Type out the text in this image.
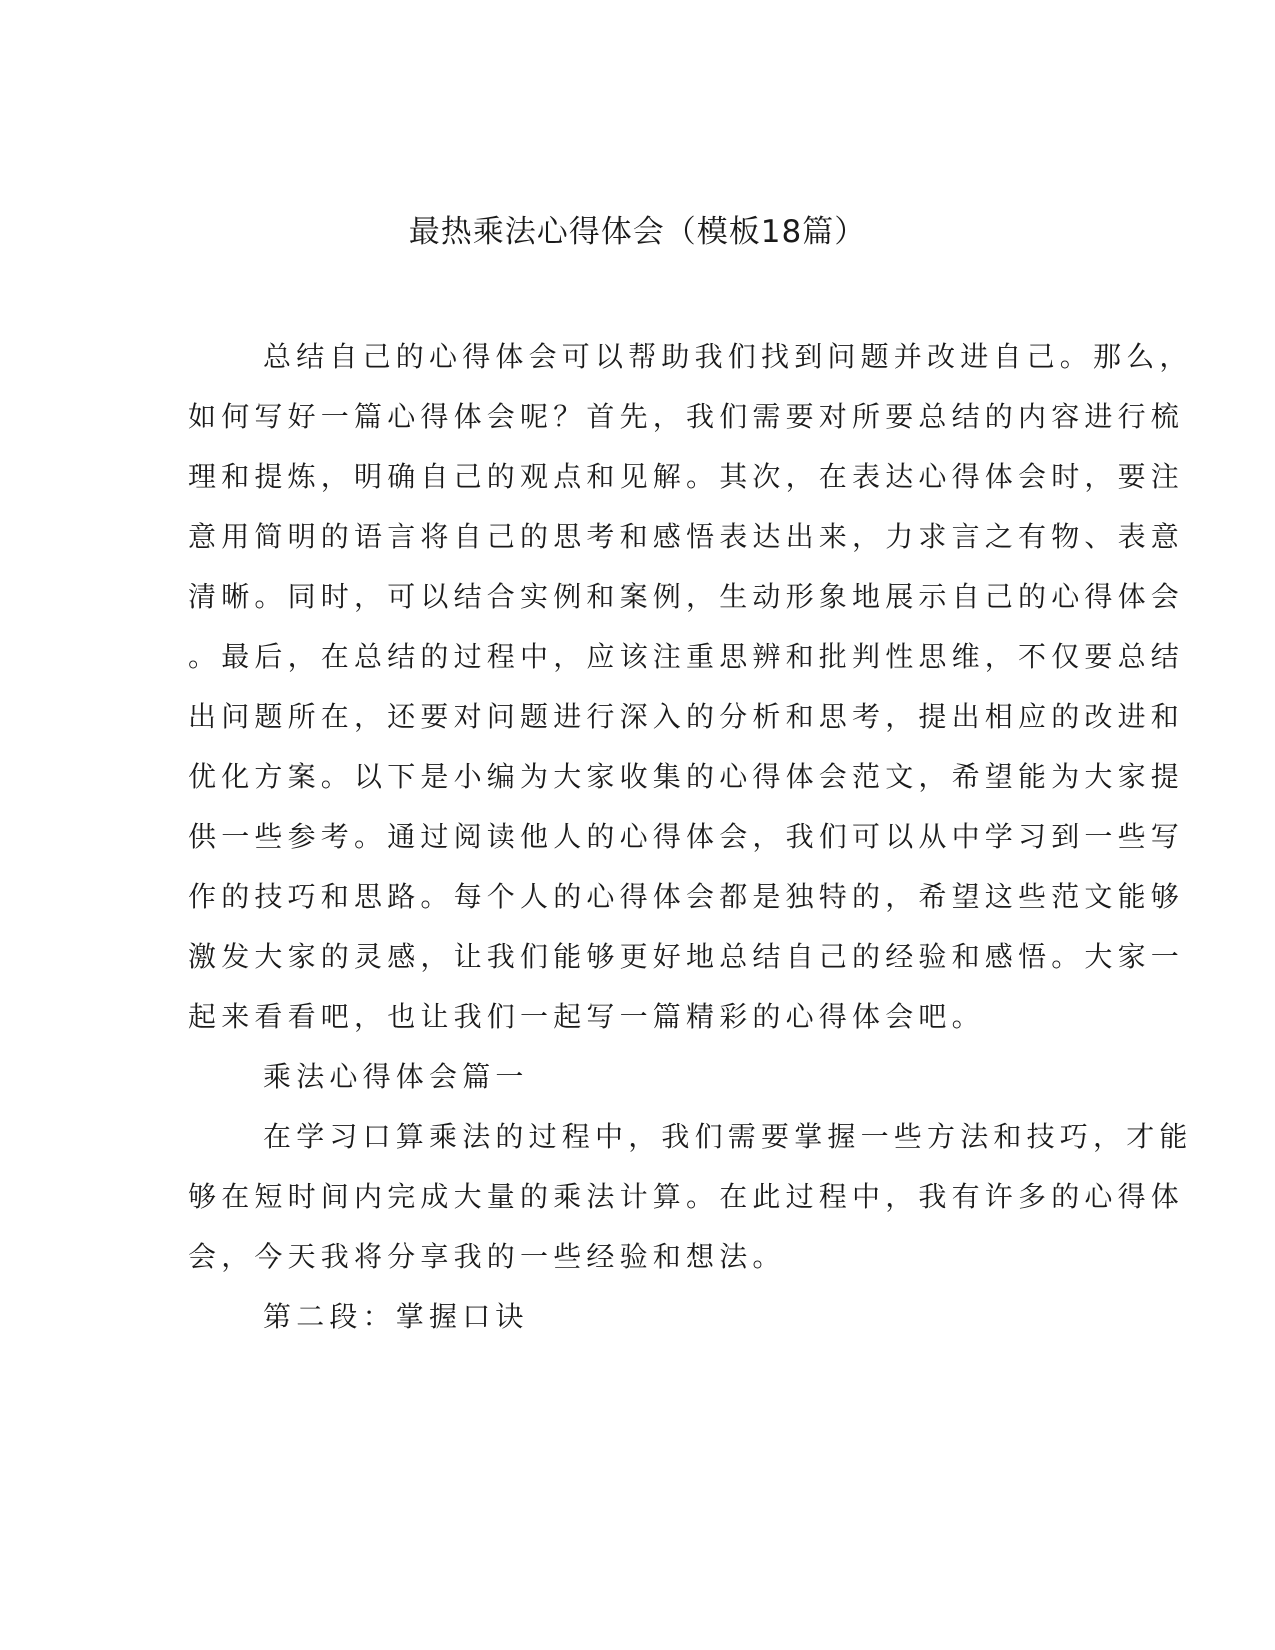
最热乘法心得体会（模板18篇）
总结自己的心得体会可以帮助我们找到问题并改进自己。那么，
如何写好一篇心得体会呢？首先，我们需要对所要总结的内容进行梳
理和提炼，明确自己的观点和见解。其次，在表达心得体会时，要注
意用简明的语言将自己的思考和感悟表达出来，力求言之有物、表意
清晰。同时，可以结合实例和案例，生动形象地展示自己的心得体会
。最后，在总结的过程中，应该注重思辨和批判性思维，不仅要总结
出问题所在，还要对问题进行深入的分析和思考，提出相应的改进和
优化方案。以下是小编为大家收集的心得体会范文，希望能为大家提
供一些参考。通过阅读他人的心得体会，我们可以从中学习到一些写
作的技巧和思路。每个人的心得体会都是独特的，希望这些范文能够
激发大家的灵感，让我们能够更好地总结自己的经验和感悟。大家一
起来看看吧，也让我们一起写一篇精彩的心得体会吧。
乘法心得体会篇一
在学习口算乘法的过程中，我们需要掌握一些方法和技巧，才能
够在短时间内完成大量的乘法计算。在此过程中，我有许多的心得体
会，今天我将分享我的一些经验和想法。
第二段：掌握口诀
